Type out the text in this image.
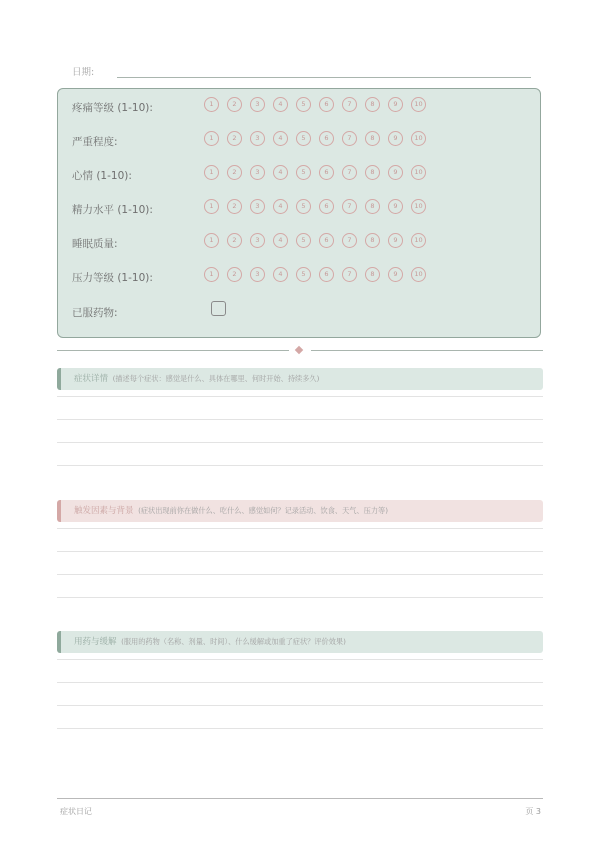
日期:
疼痛等级 (1-10):	1	2	3	4	5	6	7	8	9	10
严重程度:	1	2	3	4	5	6	7	8	9	10
心情 (1-10):	1	2	3	4	5	6	7	8	9	10
精力水平 (1-10):	1	2	3	4	5	6	7	8	9	10
睡眠质量:	1	2	3	4	5	6	7	8	9	10
压力等级 (1-10):	1	2	3	4	5	6	7	8	9	10
已服药物:
症状详情 (描述每个症状：感觉是什么、具体在哪里、何时开始、持续多久)
触发因素与背景 (症状出现前你在做什么、吃什么、感觉如何？记录活动、饮食、天气、压力等)
用药与缓解 (服用的药物（名称、剂量、时间）、什么缓解或加重了症状？评价效果)
症状日记	页 3
